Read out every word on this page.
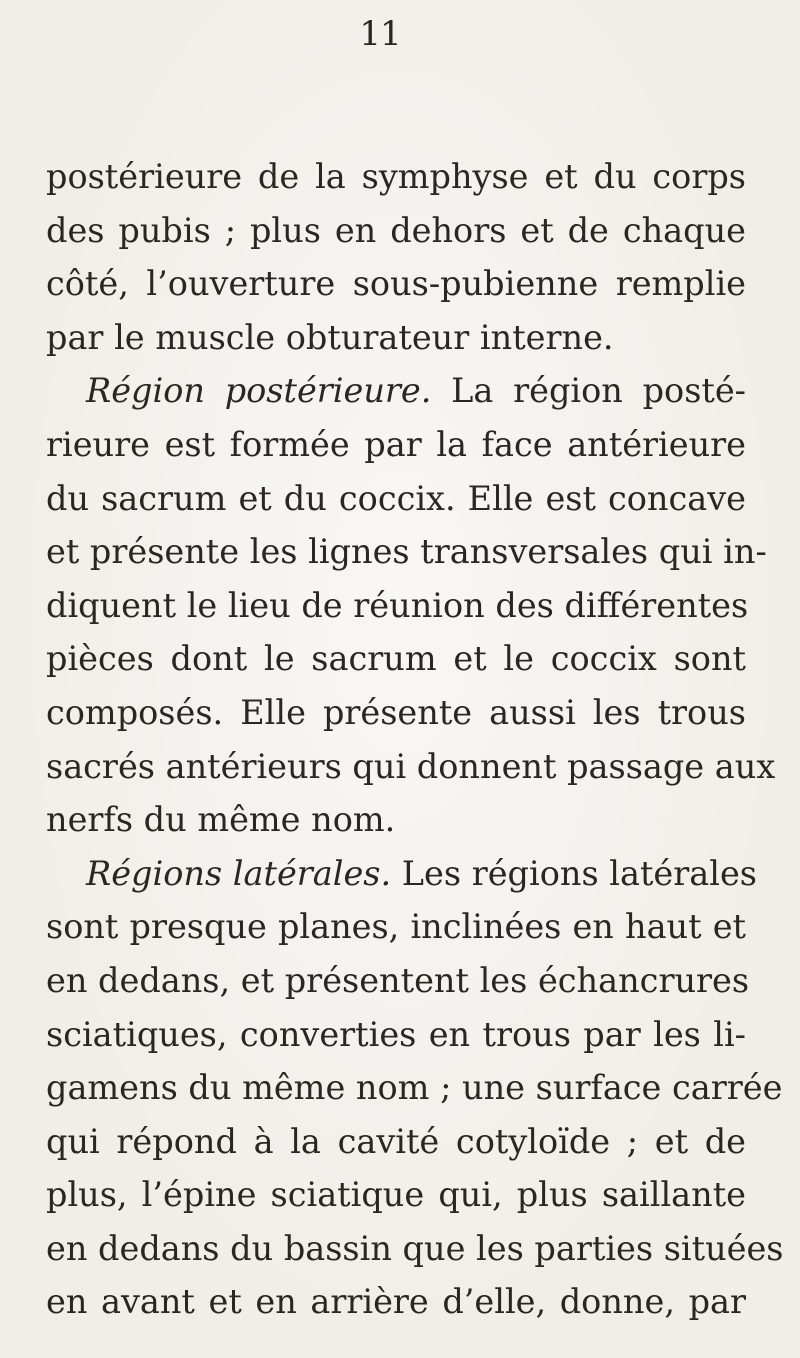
11
postérieure de la symphyse et du corps
des pubis ; plus en dehors et de chaque
côté, l’ouverture sous-pubienne remplie
par le muscle obturateur interne.
Région postérieure. La région posté-
rieure est formée par la face antérieure
du sacrum et du coccix. Elle est concave
et présente les lignes transversales qui in-
diquent le lieu de réunion des différentes
pièces dont le sacrum et le coccix sont
composés. Elle présente aussi les trous
sacrés antérieurs qui donnent passage aux
nerfs du même nom.
Régions latérales. Les régions latérales
sont presque planes, inclinées en haut et
en dedans, et présentent les échancrures
sciatiques, converties en trous par les li-
gamens du même nom ; une surface carrée
qui répond à la cavité cotyloïde ; et de
plus, l’épine sciatique qui, plus saillante
en dedans du bassin que les parties situées
en avant et en arrière d’elle, donne, par
